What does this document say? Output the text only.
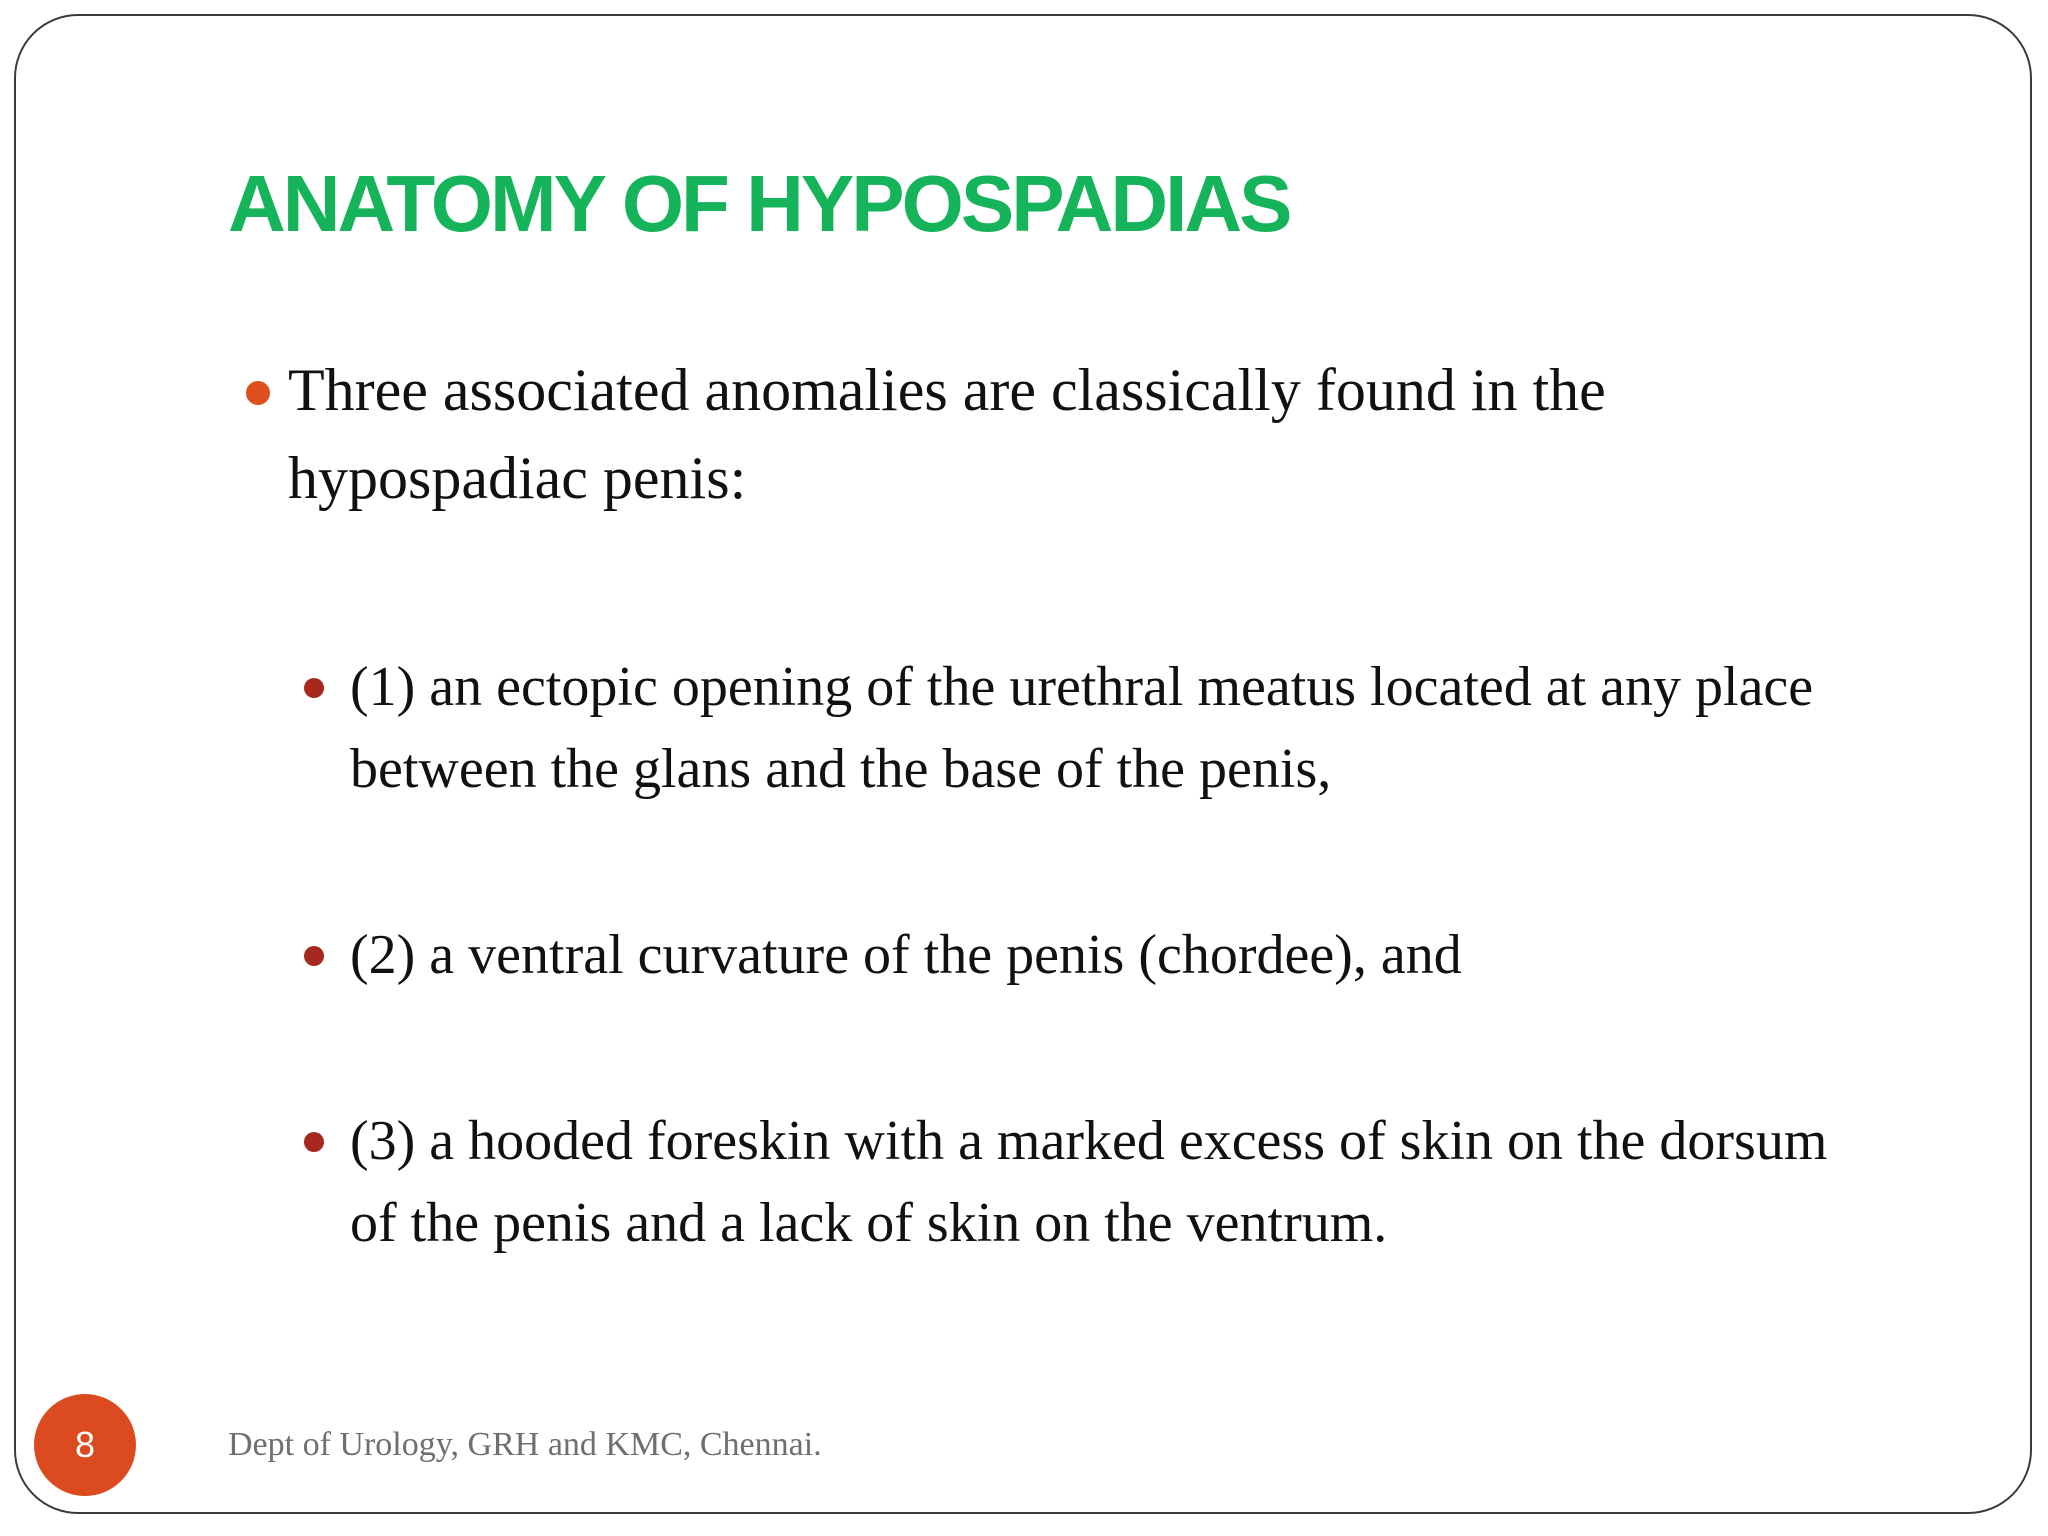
ANATOMY OF HYPOSPADIAS
Three associated anomalies are classically found in the hypospadiac penis:
(1) an ectopic opening of the urethral meatus located at any place between the glans and the base of the penis,
(2) a ventral curvature of the penis (chordee), and
(3) a hooded foreskin with a marked excess of skin on the dorsum of the penis and a lack of skin on the ventrum.
Dept of Urology, GRH and KMC, Chennai.
8
